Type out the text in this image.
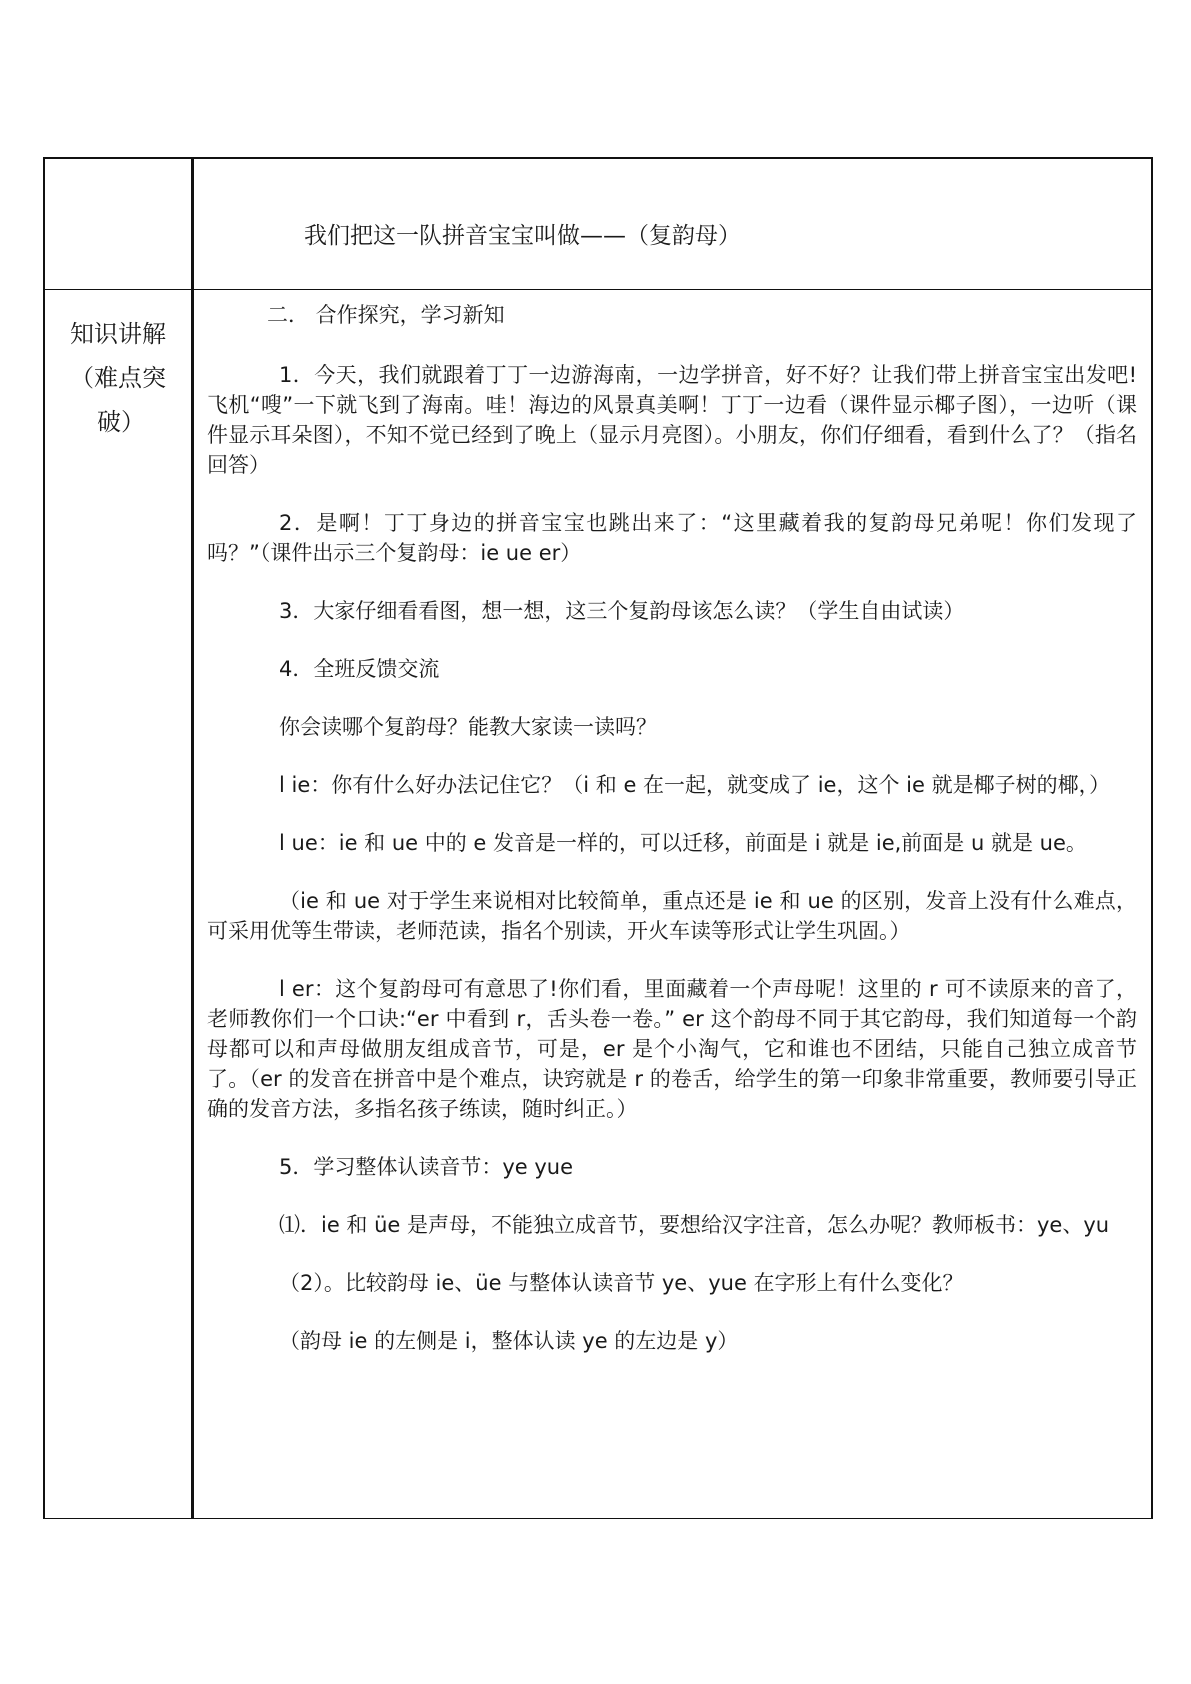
我们把这一队拼音宝宝叫做——（复韵母）
知识讲解
（难点突
破）

二． 合作探究，学习新知

1．今天，我们就跟着丁丁一边游海南，一边学拼音，好不好？让我们带上拼音宝宝出发吧!飞机“嗖”一下就飞到了海南。哇！海边的风景真美啊！丁丁一边看（课件显示椰子图），一边听（课件显示耳朵图），不知不觉已经到了晚上（显示月亮图）。小朋友，你们仔细看，看到什么了？（指名回答）

2．是啊！丁丁身边的拼音宝宝也跳出来了：“这里藏着我的复韵母兄弟呢！你们发现了吗？”（课件出示三个复韵母：ie ue er）

3．大家仔细看看图，想一想，这三个复韵母该怎么读？（学生自由试读）

4．全班反馈交流

你会读哪个复韵母？能教大家读一读吗？

l ie：你有什么好办法记住它？（i 和 e 在一起，就变成了 ie，这个 ie 就是椰子树的椰，）

l ue：ie 和 ue 中的 e 发音是一样的，可以迁移，前面是 i 就是 ie,前面是 u 就是 ue。

（ie 和 ue 对于学生来说相对比较简单，重点还是 ie 和 ue 的区别，发音上没有什么难点，可采用优等生带读，老师范读，指名个别读，开火车读等形式让学生巩固。）

l er：这个复韵母可有意思了!你们看，里面藏着一个声母呢！这里的 r 可不读原来的音了，老师教你们一个口诀:“er 中看到 r，舌头卷一卷。” er 这个韵母不同于其它韵母，我们知道每一个韵母都可以和声母做朋友组成音节，可是，er 是个小淘气，它和谁也不团结，只能自己独立成音节了。（er 的发音在拼音中是个难点，诀窍就是 r 的卷舌，给学生的第一印象非常重要，教师要引导正确的发音方法，多指名孩子练读，随时纠正。）

5．学习整体认读音节：ye yue

⑴．ie 和 üe 是声母，不能独立成音节，要想给汉字注音，怎么办呢？教师板书：ye、yu

（2）。比较韵母 ie、üe 与整体认读音节 ye、yue 在字形上有什么变化？

（韵母 ie 的左侧是 i，整体认读 ye 的左边是 y）
